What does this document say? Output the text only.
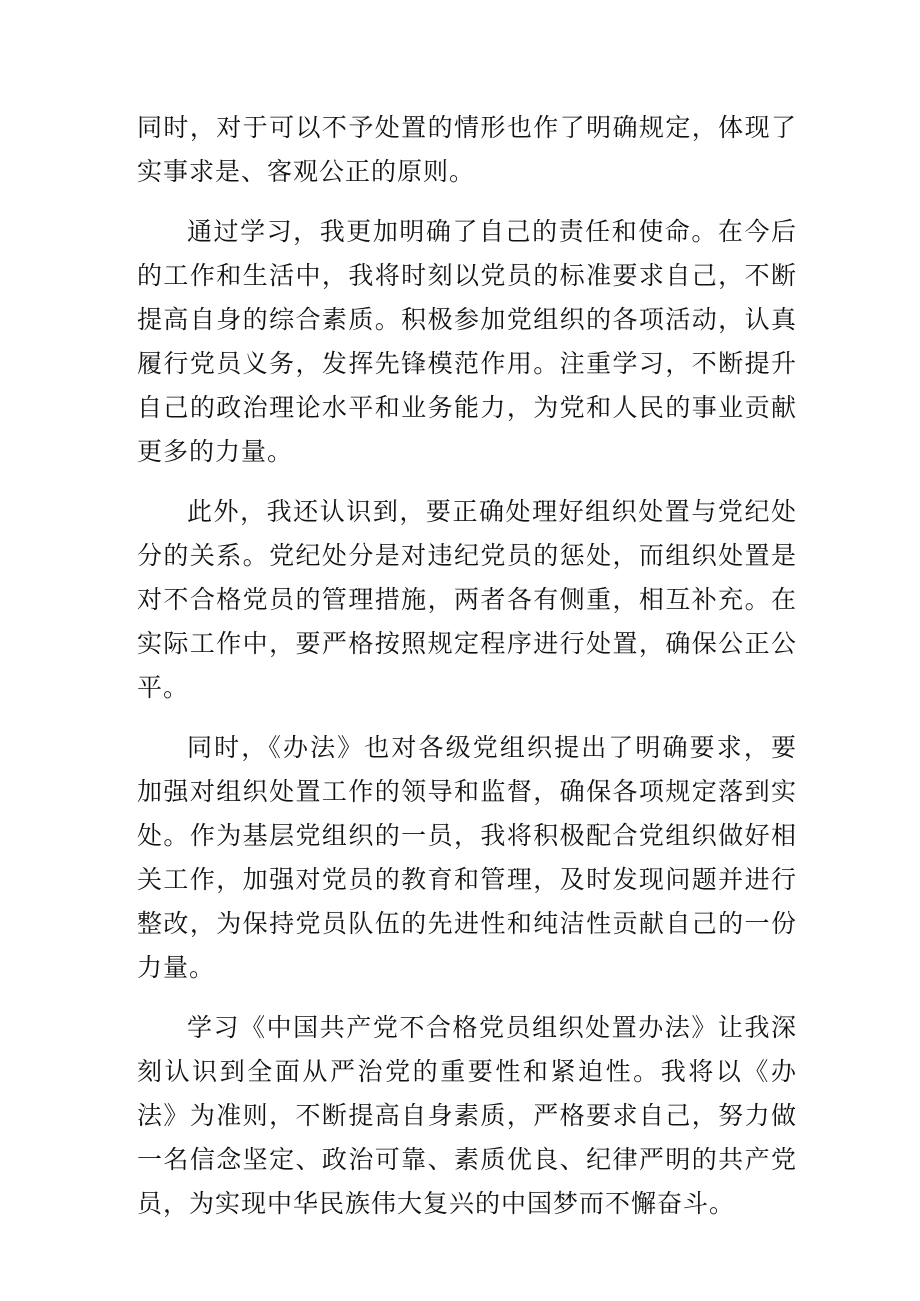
同时，对于可以不予处置的情形也作了明确规定，体现了实事求是、客观公正的原则。

通过学习，我更加明确了自己的责任和使命。在今后的工作和生活中，我将时刻以党员的标准要求自己，不断提高自身的综合素质。积极参加党组织的各项活动，认真履行党员义务，发挥先锋模范作用。注重学习，不断提升自己的政治理论水平和业务能力，为党和人民的事业贡献更多的力量。

此外，我还认识到，要正确处理好组织处置与党纪处分的关系。党纪处分是对违纪党员的惩处，而组织处置是对不合格党员的管理措施，两者各有侧重，相互补充。在实际工作中，要严格按照规定程序进行处置，确保公正公平。

同时，《办法》也对各级党组织提出了明确要求，要加强对组织处置工作的领导和监督，确保各项规定落到实处。作为基层党组织的一员，我将积极配合党组织做好相关工作，加强对党员的教育和管理，及时发现问题并进行整改，为保持党员队伍的先进性和纯洁性贡献自己的一份力量。

学习《中国共产党不合格党员组织处置办法》让我深刻认识到全面从严治党的重要性和紧迫性。我将以《办法》为准则，不断提高自身素质，严格要求自己，努力做一名信念坚定、政治可靠、素质优良、纪律严明的共产党员，为实现中华民族伟大复兴的中国梦而不懈奋斗。
